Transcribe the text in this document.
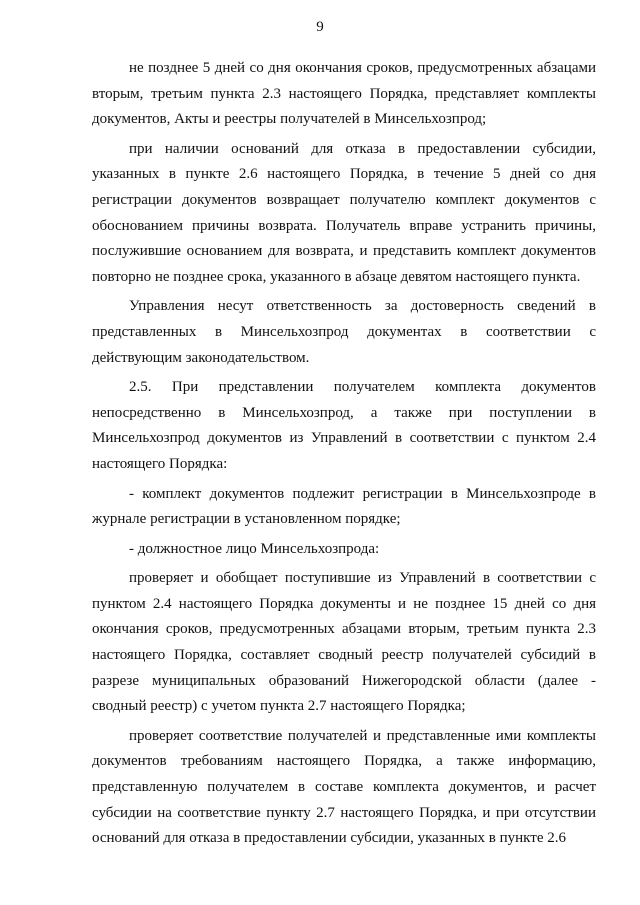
9

не позднее 5 дней со дня окончания сроков, предусмотренных абзацами вторым, третьим пункта 2.3 настоящего Порядка, представляет комплекты документов, Акты и реестры получателей в Минсельхозпрод;

при наличии оснований для отказа в предоставлении субсидии, указанных в пункте 2.6 настоящего Порядка, в течение 5 дней со дня регистрации документов возвращает получателю комплект документов с обоснованием причины возврата. Получатель вправе устранить причины, послужившие основанием для возврата, и представить комплект документов повторно не позднее срока, указанного в абзаце девятом настоящего пункта.

Управления несут ответственность за достоверность сведений в представленных в Минсельхозпрод документах в соответствии с действующим законодательством.

2.5. При представлении получателем комплекта документов непосредственно в Минсельхозпрод, а также при поступлении в Минсельхозпрод документов из Управлений в соответствии с пунктом 2.4 настоящего Порядка:

- комплект документов подлежит регистрации в Минсельхозпроде в журнале регистрации в установленном порядке;

- должностное лицо Минсельхозпрода:

проверяет и обобщает поступившие из Управлений в соответствии с пунктом 2.4 настоящего Порядка документы и не позднее 15 дней со дня окончания сроков, предусмотренных абзацами вторым, третьим пункта 2.3 настоящего Порядка, составляет сводный реестр получателей субсидий в разрезе муниципальных образований Нижегородской области (далее - сводный реестр) с учетом пункта 2.7 настоящего Порядка;

проверяет соответствие получателей и представленные ими комплекты документов требованиям настоящего Порядка, а также информацию, представленную получателем в составе комплекта документов, и расчет субсидии на соответствие пункту 2.7 настоящего Порядка, и при отсутствии оснований для отказа в предоставлении субсидии, указанных в пункте 2.6
